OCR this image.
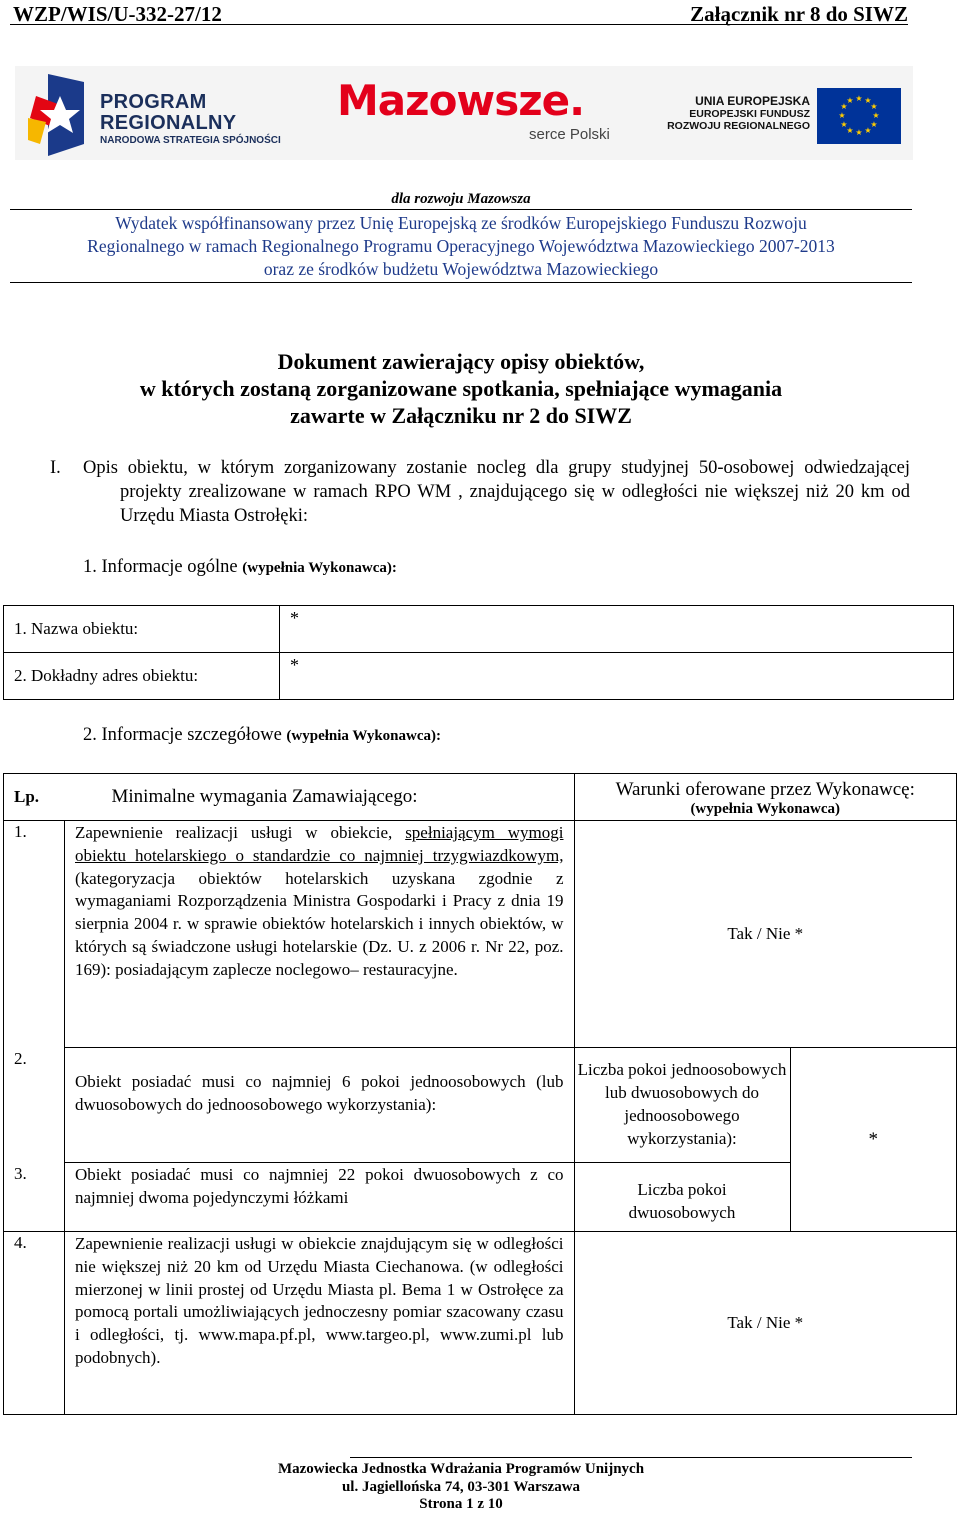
WZP/WIS/U-332-27/12	Załącznik nr 8 do SIWZ
PROGRAM
REGIONALNY
NARODOWA STRATEGIA SPÓJNOŚCI
Mazowsze.
serce Polski
UNIA EUROPEJSKA
EUROPEJSKI FUNDUSZ
ROZWOJU REGIONALNEGO
★ ★
★
★
★
★
★
★
★
★
★
★
dla rozwoju Mazowsza
Wydatek współfinansowany przez Unię Europejską ze środków Europejskiego Funduszu Rozwoju
Regionalnego w ramach Regionalnego Programu Operacyjnego Województwa Mazowieckiego 2007-2013
oraz ze środków budżetu Województwa Mazowieckiego
Dokument zawierający opisy obiektów,
w których zostaną zorganizowane spotkania, spełniające wymagania
zawarte w Załączniku nr 2 do SIWZ
I. Opis obiektu, w którym zorganizowany zostanie nocleg dla grupy studyjnej 50-osobowej odwiedzającej projekty zrealizowane w ramach RPO WM , znajdującego się w odległości nie większej niż 20 km od Urzędu Miasta Ostrołęki:
1. Informacje ogólne (wypełnia Wykonawca):
1. Nazwa obiektu:	*
2. Dokładny adres obiektu:	*
2. Informacje szczegółowe (wypełnia Wykonawca):
Lp.	Minimalne wymagania Zamawiającego:	Warunki oferowane przez Wykonawcę:
(wypełnia Wykonawca)	

1.	Zapewnienie realizacji usługi w obiekcie, spełniającym wymogi obiektu hotelarskiego o standardzie co najmniej trzygwiazdkowym, (kategoryzacja obiektów hotelarskich uzyskana zgodnie z wymaganiami Rozporządzenia Ministra Gospodarki i Pracy z dnia 19 sierpnia 2004 r. w sprawie obiektów hotelarskich i innych obiektów, w których są świadczone usługi hotelarskie (Dz. U. z 2006 r. Nr 22, poz. 169): posiadającym zaplecze noclegowo– restauracyjne.	Tak / Nie *	
2.	Obiekt posiadać musi co najmniej 6 pokoi jednoosobowych (lub dwuosobowych do jednoosobowego wykorzystania):	Liczba pokoi jednoosobowych lub dwuosobowych do jednoosobowego wykorzystania):	*
3.	Obiekt posiadać musi co najmniej 22 pokoi dwuosobowych z co najmniej dwoma pojedynczymi łóżkami	Liczba pokoi dwuosobowych	
4.	Zapewnienie realizacji usługi w obiekcie znajdującym się w odległości nie większej niż 20 km od Urzędu Miasta Ciechanowa. (w odległości mierzonej w linii prostej od Urzędu Miasta pl. Bema 1 w Ostrołęce za pomocą portali umożliwiających jednoczesny pomiar szacowany czasu i odległości, tj. www.mapa.pf.pl, www.targeo.pl, www.zumi.pl lub podobnych).	Tak / Nie *	
Mazowiecka Jednostka Wdrażania Programów Unijnych
ul. Jagiellońska 74, 03-301 Warszawa
Strona 1 z 10
